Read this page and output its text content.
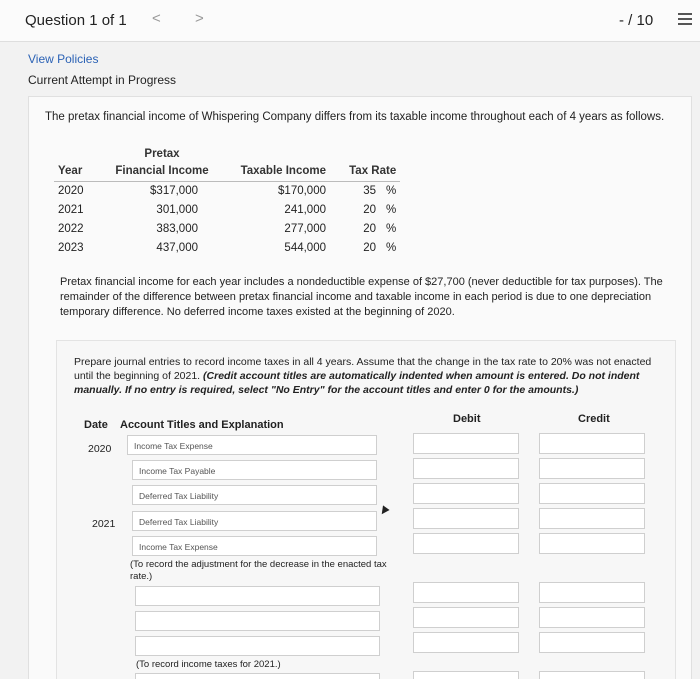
Question 1 of 1 < >	- / 10
View Policies
Current Attempt in Progress
The pretax financial income of Whispering Company differs from its taxable income throughout each of 4 years as follows.
	Pretax			
Year	Financial Income	Taxable Income	Tax Rate	
2020	$317,000	$170,000	35	%
2021	301,000	241,000	20	%
2022	383,000	277,000	20	%
2023	437,000	544,000	20	%
Pretax financial income for each year includes a nondeductible expense of $27,700 (never deductible for tax purposes). The remainder of the difference between pretax financial income and taxable income in each period is due to one depreciation temporary difference. No deferred income taxes existed at the beginning of 2020.
Prepare journal entries to record income taxes in all 4 years. Assume that the change in the tax rate to 20% was not enacted until the beginning of 2021. (Credit account titles are automatically indented when amount is entered. Do not indent manually. If no entry is required, select "No Entry" for the account titles and enter 0 for the amounts.)
Date Account Titles and Explanation	Debit	Credit
2020	Income Tax Expense
Income Tax Payable
Deferred Tax Liability
2021	Deferred Tax Liability
Income Tax Expense
(To record the adjustment for the decrease in the enacted tax rate.)
(To record income taxes for 2021.)
